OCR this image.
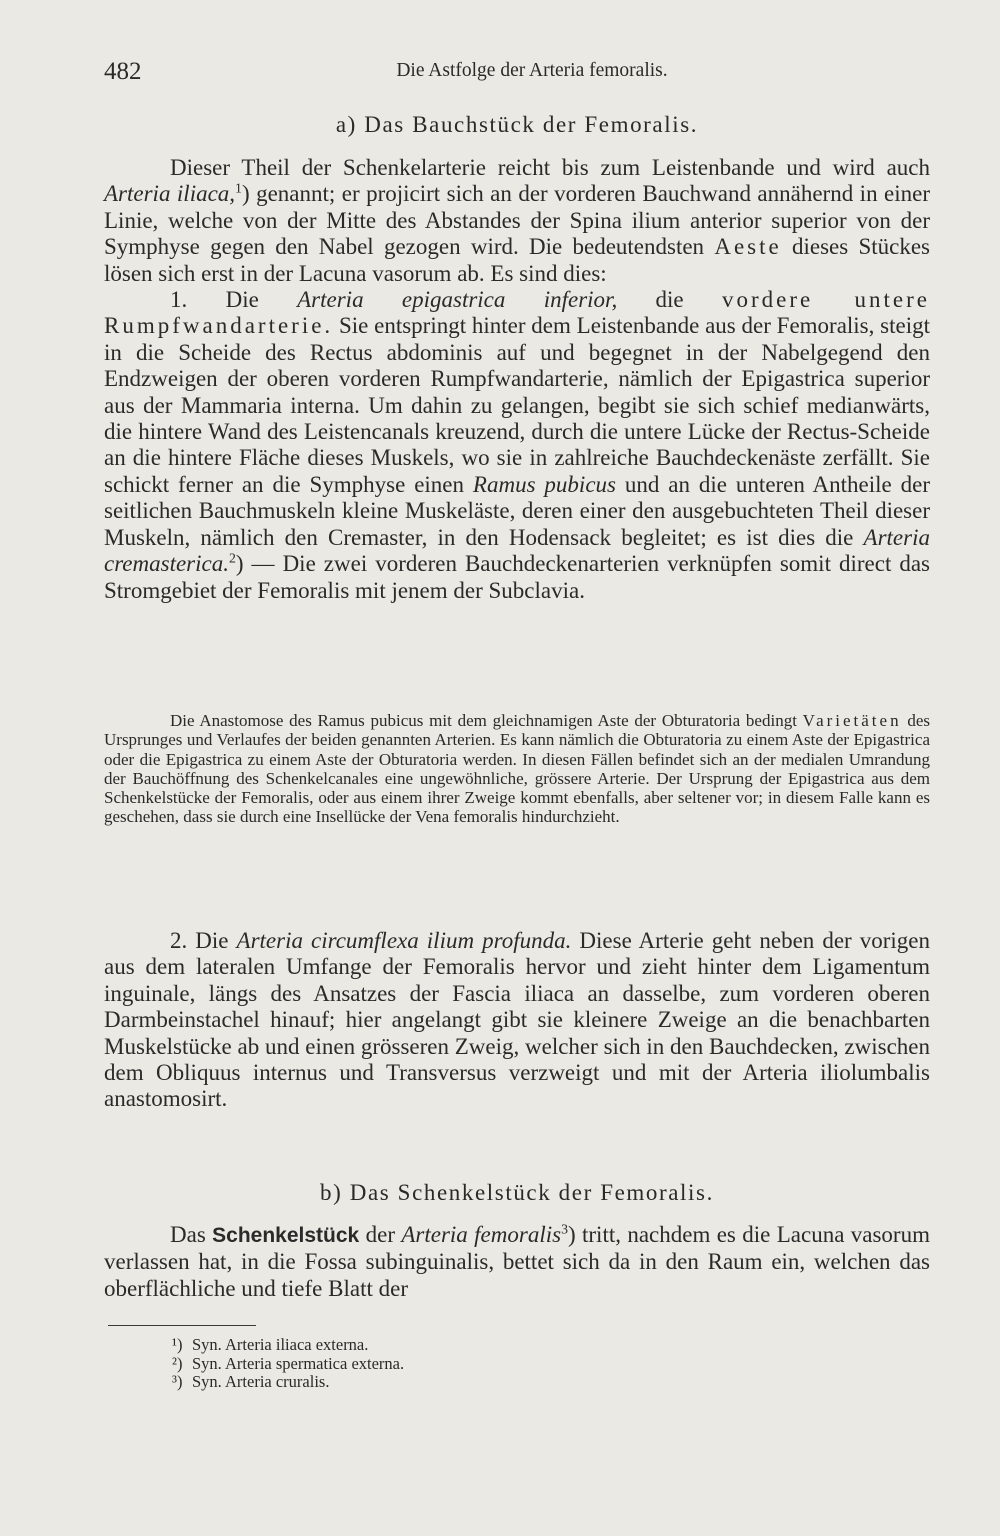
482	Die Astfolge der Arteria femoralis.
a) Das Bauchstück der Femoralis.

Dieser Theil der Schenkelarterie reicht bis zum Leistenbande und wird auch Arteria iliaca,$^1$) genannt; er projicirt sich an der vorderen Bauchwand annähernd in einer Linie, welche von der Mitte des Abstandes der Spina ilium anterior superior von der Symphyse gegen den Nabel gezogen wird. Die bedeutendsten Aeste dieses Stückes lösen sich erst in der Lacuna vasorum ab. Es sind dies:

1. Die Arteria epigastrica inferior, die vordere untere Rumpfwandarterie. Sie entspringt hinter dem Leistenbande aus der Femoralis, steigt in die Scheide des Rectus abdominis auf und begegnet in der Nabelgegend den Endzweigen der oberen vorderen Rumpfwandarterie, nämlich der Epigastrica superior aus der Mammaria interna. Um dahin zu gelangen, begibt sie sich schief medianwärts, die hintere Wand des Leistencanals kreuzend, durch die untere Lücke der Rectus-Scheide an die hintere Fläche dieses Muskels, wo sie in zahlreiche Bauchdeckenäste zerfällt. Sie schickt ferner an die Symphyse einen Ramus pubicus und an die unteren Antheile der seitlichen Bauchmuskeln kleine Muskeläste, deren einer den ausgebuchteten Theil dieser Muskeln, nämlich den Cremaster, in den Hodensack begleitet; es ist dies die Arteria cremasterica.$^2$) — Die zwei vorderen Bauchdeckenarterien verknüpfen somit direct das Stromgebiet der Femoralis mit jenem der Subclavia.

Die Anastomose des Ramus pubicus mit dem gleichnamigen Aste der Obturatoria bedingt Varietäten des Ursprunges und Verlaufes der beiden genannten Arterien. Es kann nämlich die Obturatoria zu einem Aste der Epigastrica oder die Epigastrica zu einem Aste der Obturatoria werden. In diesen Fällen befindet sich an der medialen Umrandung der Bauchöffnung des Schenkelcanales eine ungewöhnliche, grössere Arterie. Der Ursprung der Epigastrica aus dem Schenkelstücke der Femoralis, oder aus einem ihrer Zweige kommt ebenfalls, aber seltener vor; in diesem Falle kann es geschehen, dass sie durch eine Insellücke der Vena femoralis hindurchzieht.

2. Die Arteria circumflexa ilium profunda. Diese Arterie geht neben der vorigen aus dem lateralen Umfange der Femoralis hervor und zieht hinter dem Ligamentum inguinale, längs des Ansatzes der Fascia iliaca an dasselbe, zum vorderen oberen Darmbeinstachel hinauf; hier angelangt gibt sie kleinere Zweige an die benachbarten Muskelstücke ab und einen grösseren Zweig, welcher sich in den Bauchdecken, zwischen dem Obliquus internus und Transversus verzweigt und mit der Arteria iliolumbalis anastomosirt.

b) Das Schenkelstück der Femoralis.

Das Schenkelstück der Arteria femoralis$^3$) tritt, nachdem es die Lacuna vasorum verlassen hat, in die Fossa subinguinalis, bettet sich da in den Raum ein, welchen das oberflächliche und tiefe Blatt der

¹) Syn. Arteria iliaca externa.
²) Syn. Arteria spermatica externa.
³) Syn. Arteria cruralis.
